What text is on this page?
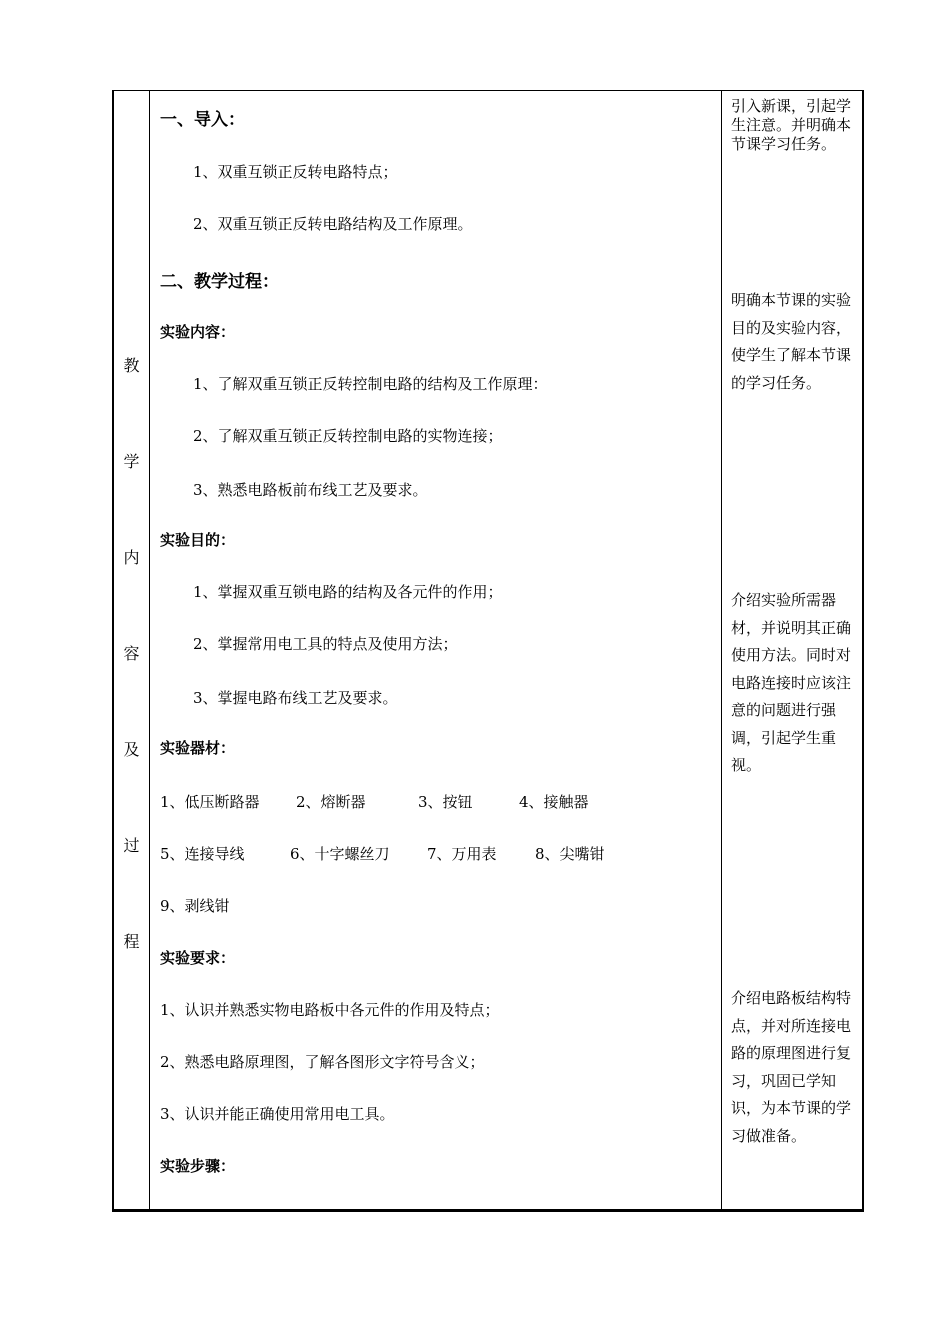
教
学
内
容
及
过
程
一、导入：
1、双重互锁正反转电路特点；
2、双重互锁正反转电路结构及工作原理。
二、教学过程：
实验内容：
1、了解双重互锁正反转控制电路的结构及工作原理：
2、了解双重互锁正反转控制电路的实物连接；
3、熟悉电路板前布线工艺及要求。
实验目的：
1、掌握双重互锁电路的结构及各元件的作用；
2、掌握常用电工具的特点及使用方法；
3、掌握电路布线工艺及要求。
实验器材：
1、低压断路器 2、熔断器	3、按钮	4、接触器
5、连接导线	6、十字螺丝刀 7、万用表	8、尖嘴钳
9、剥线钳
实验要求：
1、认识并熟悉实物电路板中各元件的作用及特点；
2、熟悉电路原理图，了解各图形文字符号含义；
3、认识并能正确使用常用电工具。
实验步骤：
引入新课，引起学生注意。并明确本节课学习任务。
明确本节课的实验目的及实验内容，使学生了解本节课的学习任务。
介绍实验所需器材，并说明其正确使用方法。同时对电路连接时应该注意的问题进行强调，引起学生重视。
介绍电路板结构特点，并对所连接电路的原理图进行复习，巩固已学知识，为本节课的学习做准备。
